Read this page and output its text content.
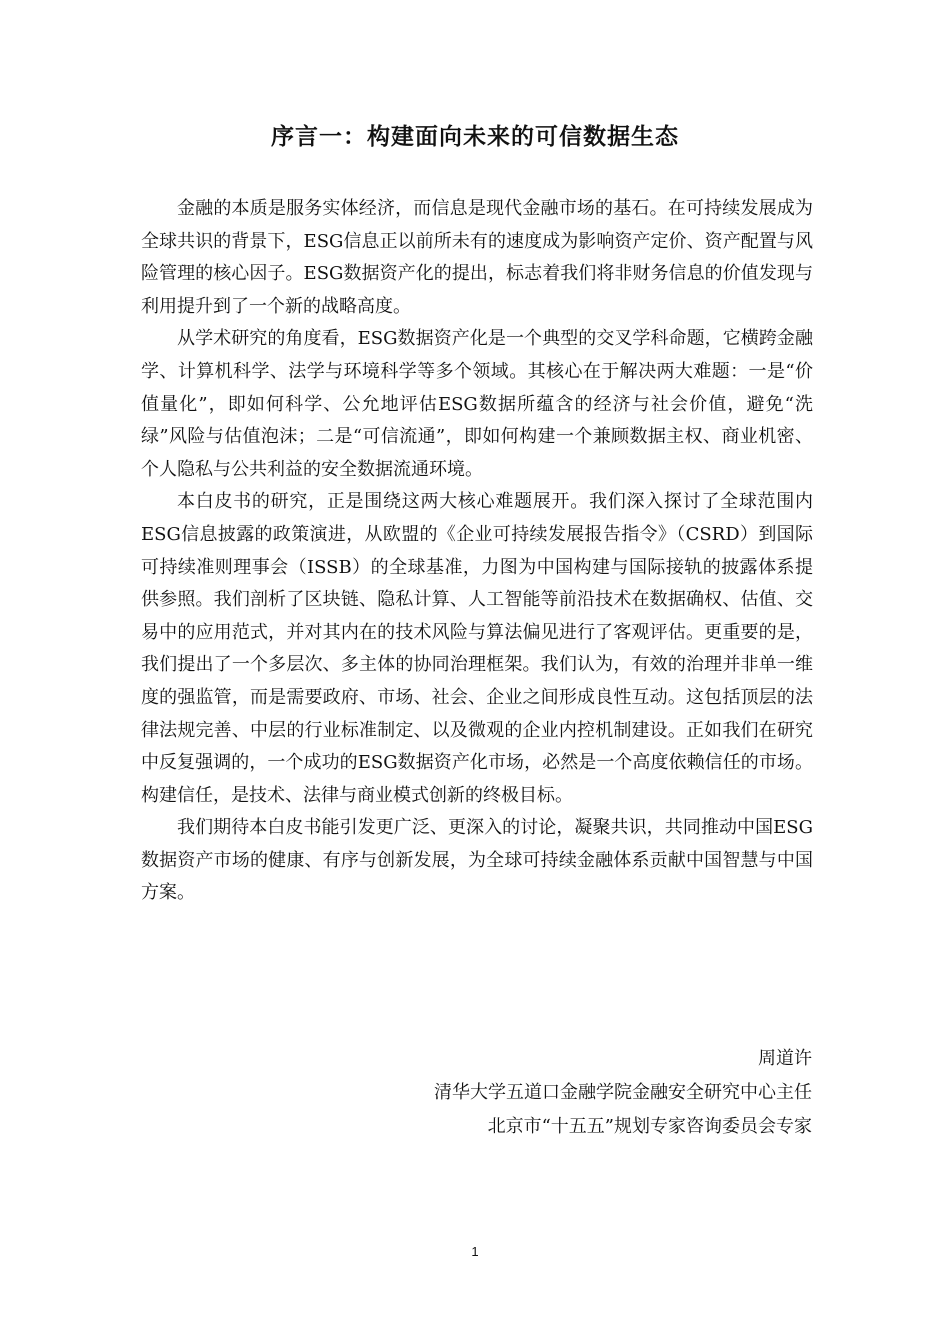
序言一：构建面向未来的可信数据生态

金融的本质是服务实体经济，而信息是现代金融市场的基石。在可持续发展成为全球共识的背景下，ESG信息正以前所未有的速度成为影响资产定价、资产配置与风险管理的核心因子。ESG数据资产化的提出，标志着我们将非财务信息的价值发现与利用提升到了一个新的战略高度。

从学术研究的角度看，ESG数据资产化是一个典型的交叉学科命题，它横跨金融学、计算机科学、法学与环境科学等多个领域。其核心在于解决两大难题：一是“价值量化”，即如何科学、公允地评估ESG数据所蕴含的经济与社会价值，避免“洗绿”风险与估值泡沫；二是“可信流通”，即如何构建一个兼顾数据主权、商业机密、个人隐私与公共利益的安全数据流通环境。

本白皮书的研究，正是围绕这两大核心难题展开。我们深入探讨了全球范围内ESG信息披露的政策演进，从欧盟的《企业可持续发展报告指令》（CSRD）到国际可持续准则理事会（ISSB）的全球基准，力图为中国构建与国际接轨的披露体系提供参照。我们剖析了区块链、隐私计算、人工智能等前沿技术在数据确权、估值、交易中的应用范式，并对其内在的技术风险与算法偏见进行了客观评估。更重要的是，我们提出了一个多层次、多主体的协同治理框架。我们认为，有效的治理并非单一维度的强监管，而是需要政府、市场、社会、企业之间形成良性互动。这包括顶层的法律法规完善、中层的行业标准制定、以及微观的企业内控机制建设。正如我们在研究中反复强调的，一个成功的ESG数据资产化市场，必然是一个高度依赖信任的市场。构建信任，是技术、法律与商业模式创新的终极目标。

我们期待本白皮书能引发更广泛、更深入的讨论，凝聚共识，共同推动中国ESG数据资产市场的健康、有序与创新发展，为全球可持续金融体系贡献中国智慧与中国方案。

周道许
清华大学五道口金融学院金融安全研究中心主任
北京市“十五五”规划专家咨询委员会专家
1
